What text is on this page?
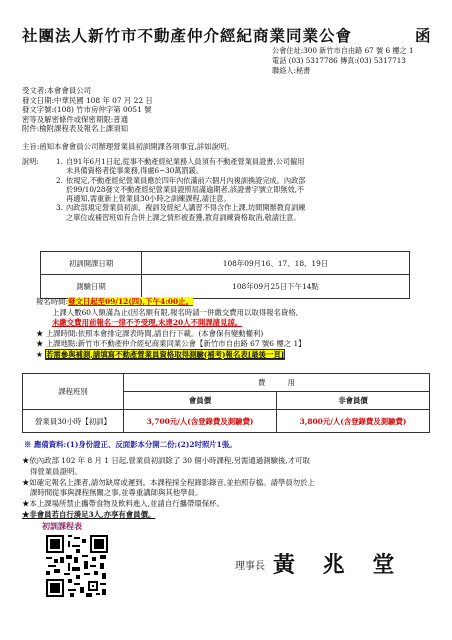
社團法人新竹市不動產仲介經紀商業同業公會	函
公會住址:300 新竹市自由路 67 號 6 樓之 1
電話 (03) 5317786 傳真:(03) 5317713
聯絡人:秘書
受文者:本會會員公司
發文日期:中華民國 108 年 07 月 22 日
發文字號:(108) 竹市房仲字第 0051 號
密等及解密條件或保密期限:普通
附件:檢附課程表及報名上課須知
主旨:函知本會會員公司辦理營業員初訓開課各項事宜,詳如說明。
說明:	1. 自91年6月1日起,從事不動產經紀業務人員須有不動產營業員證書,公司僱用
未具備資格者從事業務,得處6~30萬罰鍰。
2. 依規定,不動產經紀營業員應於四年內依滿前六個月內複訓換證完成。內政部
於99/10/28發文不動產經紀營業員證照屆滿逾期者,該證書字號立即無效,不
再適知,需重新上營業員30小時之訓練課程,請注意。
3. 內政部規定營業員初訓、複訓及經紀人講習不得含作上課,坊間開辦教育訓練
之單位或補習班如有合併上課之情形被查獲,教育訓練資格取消,敬請注意。
初訓開課日期	108年09月16、17、18、19日
測驗日期	108年09月25日下午14點
報名時間:發文日起至09/12(四),下午4:00止。
上課人數60人額滿為止(因名額有限,報名時請一併繳交費用以取得報名資格,
未繳交費用前報名一律不予受理,未達20人不開課請見諒。
★ 上課時間:依照本會排定課表時間,請自行下載。(本會保有變動權利)
★ 上課地點:新竹市不動產仲介經紀商業同業公會【新竹市自由路 67 號6 樓之 1】
★ 若需參與補測,請填寫不動產營業員資格取得測驗(補考)報名表[最後一頁]
課程班別	費　　　用	
	會員價	非會員價
營業員30小時【初訓】	3,700元/人(含登錄費及測驗費)	3,800元/人(含登錄費及測驗費)
※ 應備資料:(1)身份證正、反面影本分開二份;(2)2吋照片1張。
★依內政部 102 年 8 月 1 日起,營業員初訓除了 30 個小時課程,另需通過測驗後,才可取
得營業員證明。
★如確定報名上課者,請勿缺席或遲到。本課程採全程錄影錄音,並拍照存檔。請學員勿於上
課時間從事與課程無關之事,並尊重講師與其他學員。
★本上課場所禁止攜帶食物及飲料進入,並請自行攜帶環保杯。
★非會員若自行湊足3人,亦享有會員價。
初訓課程表
理事長 黃 兆 堂
